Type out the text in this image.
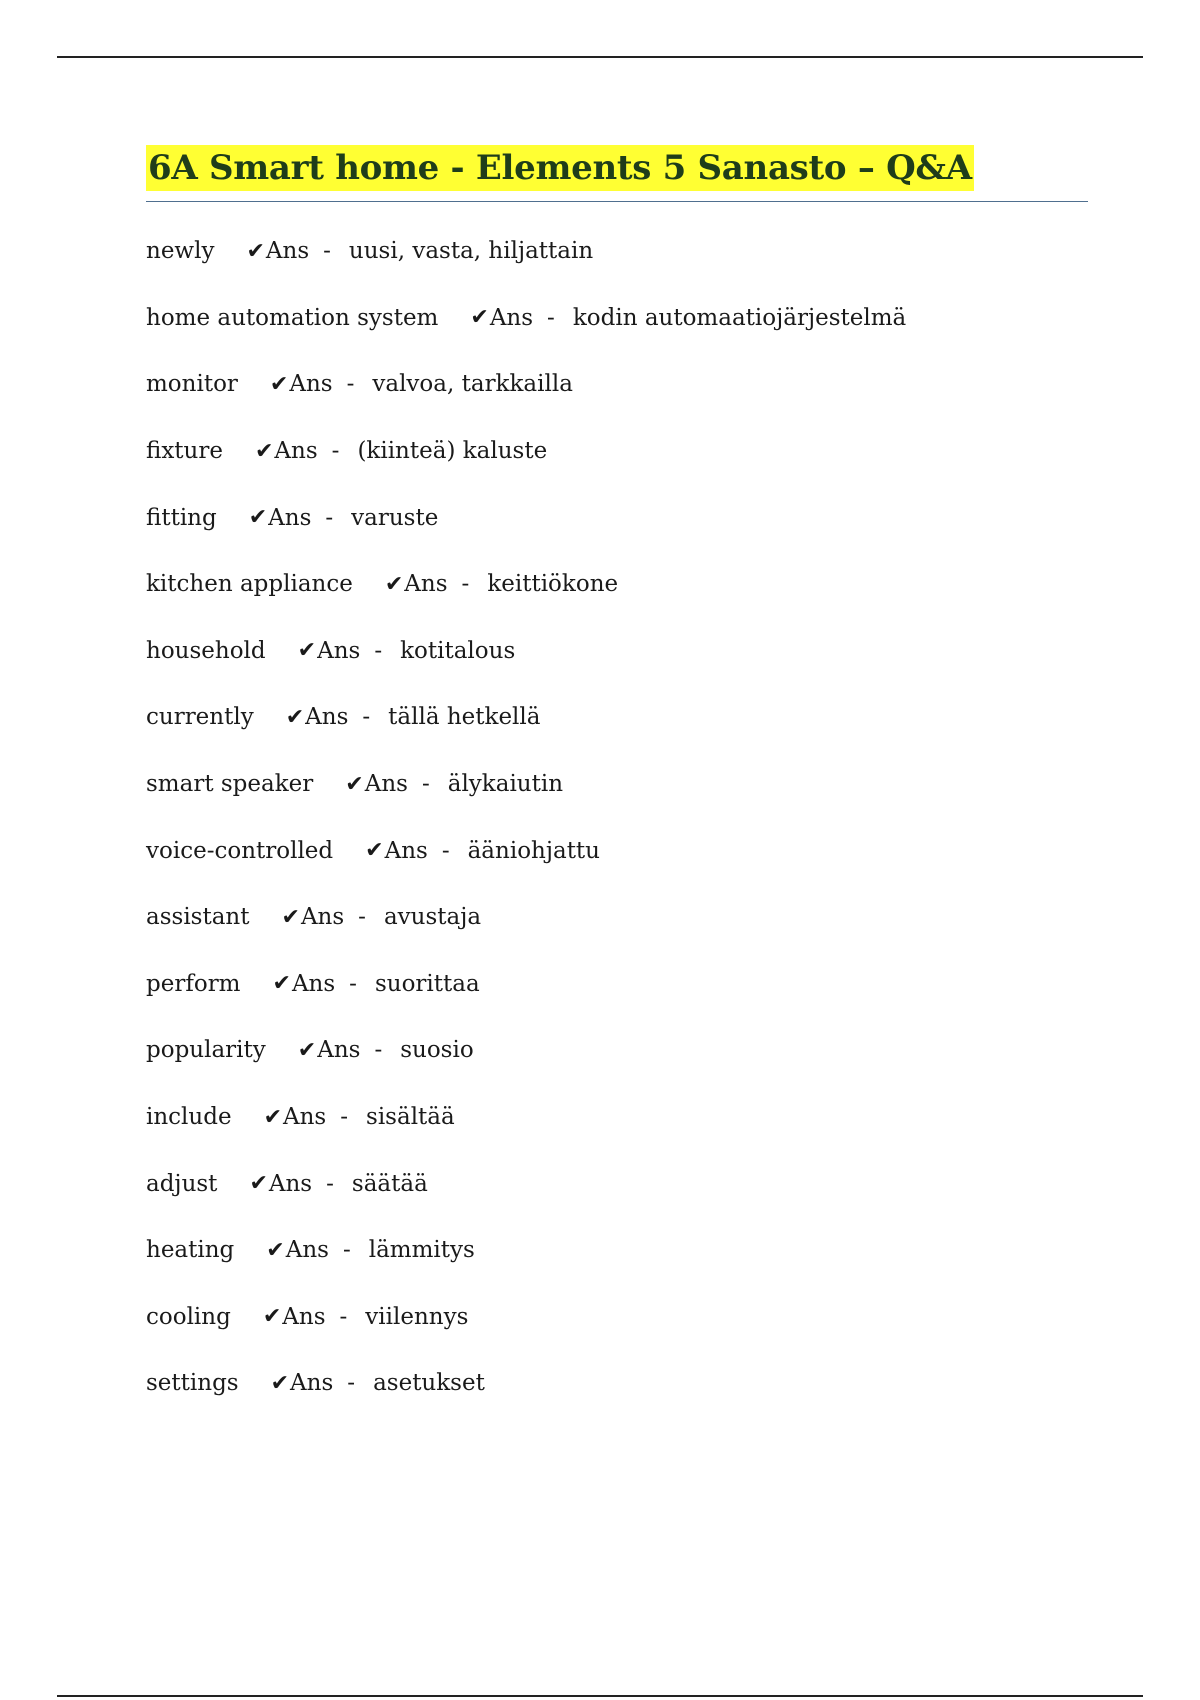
6A Smart home - Elements 5 Sanasto – Q&A
newly ✔ Ans - uusi, vasta, hiljattain
home automation system ✔ Ans - kodin automaatiojärjestelmä
monitor ✔ Ans - valvoa, tarkkailla
fixture ✔ Ans - (kiinteä) kaluste
fitting ✔ Ans - varuste
kitchen appliance ✔ Ans - keittiökone
household ✔ Ans - kotitalous
currently ✔ Ans - tällä hetkellä
smart speaker ✔ Ans - älykaiutin
voice-controlled ✔ Ans - ääniohjattu
assistant ✔ Ans - avustaja
perform ✔ Ans - suorittaa
popularity ✔ Ans - suosio
include ✔ Ans - sisältää
adjust ✔ Ans - säätää
heating ✔ Ans - lämmitys
cooling ✔ Ans - viilennys
settings ✔ Ans - asetukset
